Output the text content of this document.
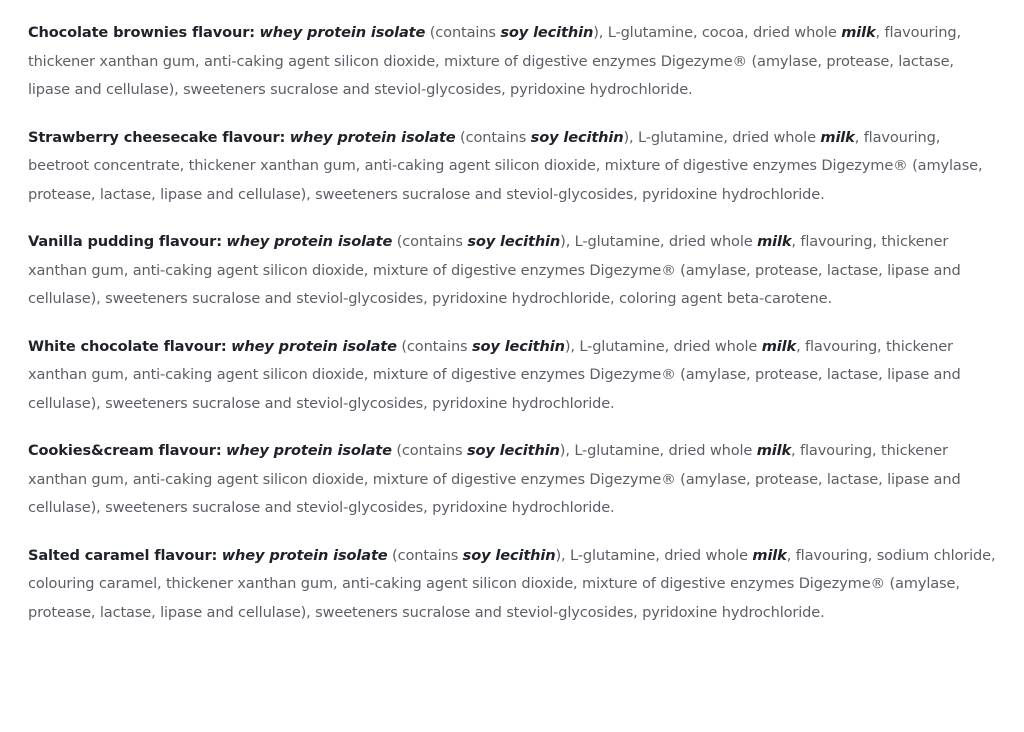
Chocolate brownies flavour: whey protein isolate (contains soy lecithin), L-glutamine, cocoa, dried whole milk, flavouring, thickener xanthan gum, anti-caking agent silicon dioxide, mixture of digestive enzymes Digezyme® (amylase, protease, lactase, lipase and cellulase), sweeteners sucralose and steviol-glycosides, pyridoxine hydrochloride.

Strawberry cheesecake flavour: whey protein isolate (contains soy lecithin), L-glutamine, dried whole milk, flavouring, beetroot concentrate, thickener xanthan gum, anti-caking agent silicon dioxide, mixture of digestive enzymes Digezyme® (amylase, protease, lactase, lipase and cellulase), sweeteners sucralose and steviol-glycosides, pyridoxine hydrochloride.

Vanilla pudding flavour: whey protein isolate (contains soy lecithin), L-glutamine, dried whole milk, flavouring, thickener xanthan gum, anti-caking agent silicon dioxide, mixture of digestive enzymes Digezyme® (amylase, protease, lactase, lipase and cellulase), sweeteners sucralose and steviol-glycosides, pyridoxine hydrochloride, coloring agent beta-carotene.

White chocolate flavour: whey protein isolate (contains soy lecithin), L-glutamine, dried whole milk, flavouring, thickener xanthan gum, anti-caking agent silicon dioxide, mixture of digestive enzymes Digezyme® (amylase, protease, lactase, lipase and cellulase), sweeteners sucralose and steviol-glycosides, pyridoxine hydrochloride.

Cookies&cream flavour: whey protein isolate (contains soy lecithin), L-glutamine, dried whole milk, flavouring, thickener xanthan gum, anti-caking agent silicon dioxide, mixture of digestive enzymes Digezyme® (amylase, protease, lactase, lipase and cellulase), sweeteners sucralose and steviol-glycosides, pyridoxine hydrochloride.

Salted caramel flavour: whey protein isolate (contains soy lecithin), L-glutamine, dried whole milk, flavouring, sodium chloride, colouring caramel, thickener xanthan gum, anti-caking agent silicon dioxide, mixture of digestive enzymes Digezyme® (amylase, protease, lactase, lipase and cellulase), sweeteners sucralose and steviol-glycosides, pyridoxine hydrochloride.
